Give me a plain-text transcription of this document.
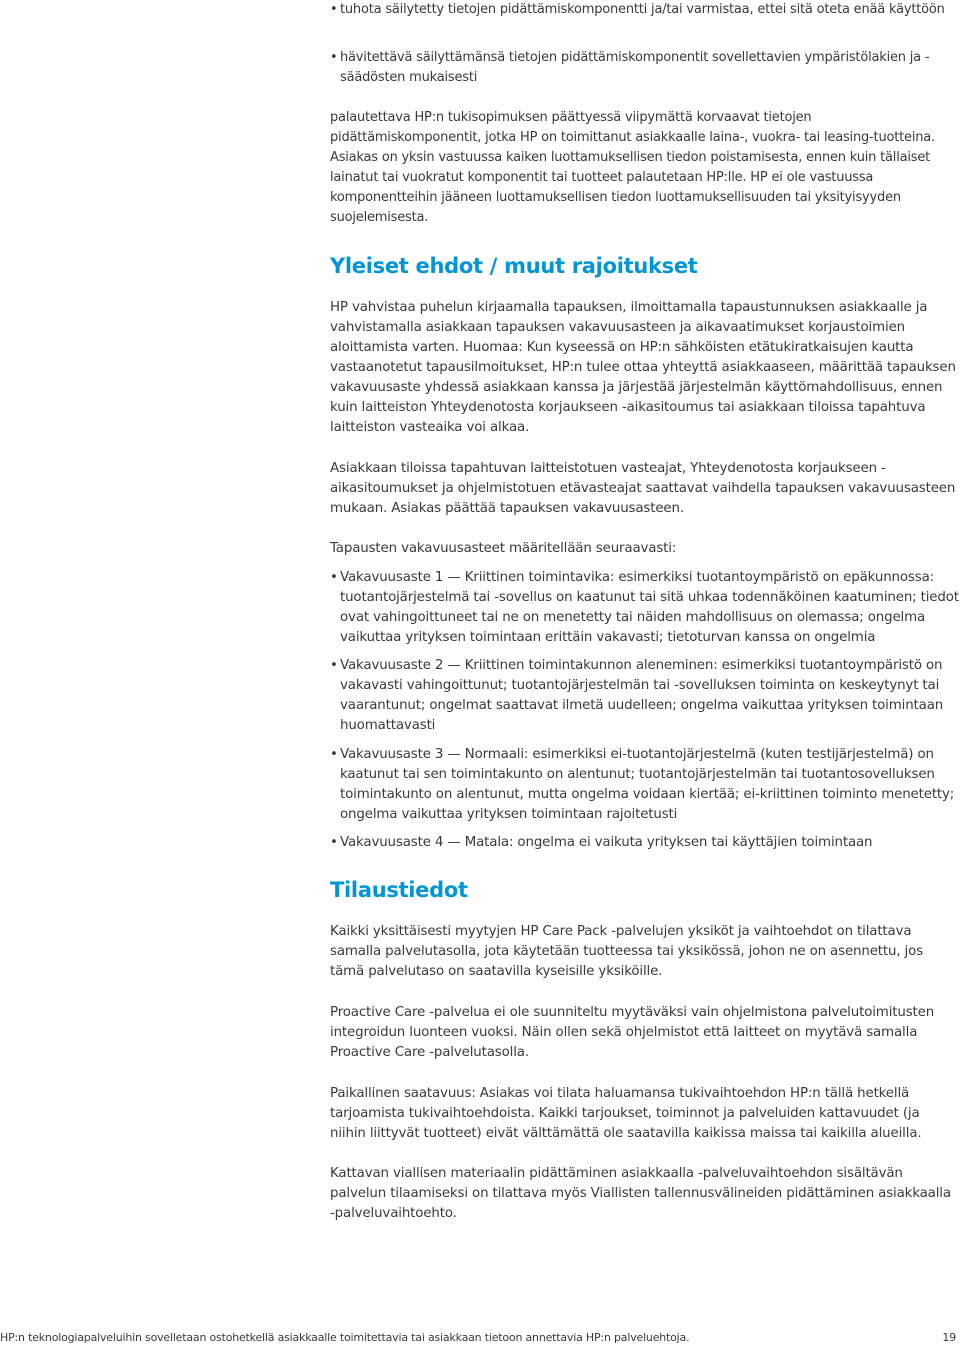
• tuhota säilytetty tietojen pidättämiskomponentti ja/tai varmistaa, ettei sitä oteta enää käyttöön
• hävitettävä säilyttämänsä tietojen pidättämiskomponentit sovellettavien ympäristölakien ja -säädösten mukaisesti

palautettava HP:n tukisopimuksen päättyessä viipymättä korvaavat tietojen pidättämiskomponentit, jotka HP on toimittanut asiakkaalle laina-, vuokra- tai leasing-tuotteina. Asiakas on yksin vastuussa kaiken luottamuksellisen tiedon poistamisesta, ennen kuin tällaiset lainatut tai vuokratut komponentit tai tuotteet palautetaan HP:lle. HP ei ole vastuussa komponentteihin jääneen luottamuksellisen tiedon luottamuksellisuuden tai yksityisyyden suojelemisesta.

Yleiset ehdot / muut rajoitukset

HP vahvistaa puhelun kirjaamalla tapauksen, ilmoittamalla tapaustunnuksen asiakkaalle ja vahvistamalla asiakkaan tapauksen vakavuusasteen ja aikavaatimukset korjaustoimien aloittamista varten. Huomaa: Kun kyseessä on HP:n sähköisten etätukiratkaisujen kautta vastaanotetut tapausilmoitukset, HP:n tulee ottaa yhteyttä asiakkaaseen, määrittää tapauksen vakavuusaste yhdessä asiakkaan kanssa ja järjestää järjestelmän käyttömahdollisuus, ennen kuin laitteiston Yhteydenotosta korjaukseen -aikasitoumus tai asiakkaan tiloissa tapahtuva laitteiston vasteaika voi alkaa.

Asiakkaan tiloissa tapahtuvan laitteistotuen vasteajat, Yhteydenotosta korjaukseen -aikasitoumukset ja ohjelmistotuen etävasteajat saattavat vaihdella tapauksen vakavuusasteen mukaan. Asiakas päättää tapauksen vakavuusasteen.

Tapausten vakavuusasteet määritellään seuraavasti:

• Vakavuusaste 1 — Kriittinen toimintavika: esimerkiksi tuotantoympäristö on epäkunnossa: tuotantojärjestelmä tai -sovellus on kaatunut tai sitä uhkaa todennäköinen kaatuminen; tiedot ovat vahingoittuneet tai ne on menetetty tai näiden mahdollisuus on olemassa; ongelma vaikuttaa yrityksen toimintaan erittäin vakavasti; tietoturvan kanssa on ongelmia
• Vakavuusaste 2 — Kriittinen toimintakunnon aleneminen: esimerkiksi tuotantoympäristö on vakavasti vahingoittunut; tuotantojärjestelmän tai -sovelluksen toiminta on keskeytynyt tai vaarantunut; ongelmat saattavat ilmetä uudelleen; ongelma vaikuttaa yrityksen toimintaan huomattavasti
• Vakavuusaste 3 — Normaali: esimerkiksi ei-tuotantojärjestelmä (kuten testijärjestelmä) on kaatunut tai sen toimintakunto on alentunut; tuotantojärjestelmän tai tuotantosovelluksen toimintakunto on alentunut, mutta ongelma voidaan kiertää; ei-kriittinen toiminto menetetty; ongelma vaikuttaa yrityksen toimintaan rajoitetusti
• Vakavuusaste 4 — Matala: ongelma ei vaikuta yrityksen tai käyttäjien toimintaan
Tilaustiedot

Kaikki yksittäisesti myytyjen HP Care Pack -palvelujen yksiköt ja vaihtoehdot on tilattava samalla palvelutasolla, jota käytetään tuotteessa tai yksikössä, johon ne on asennettu, jos tämä palvelutaso on saatavilla kyseisille yksiköille.

Proactive Care -palvelua ei ole suunniteltu myytäväksi vain ohjelmistona palvelutoimitusten integroidun luonteen vuoksi. Näin ollen sekä ohjelmistot että laitteet on myytävä samalla Proactive Care -palvelutasolla.

Paikallinen saatavuus: Asiakas voi tilata haluamansa tukivaihtoehdon HP:n tällä hetkellä tarjoamista tukivaihtoehdoista. Kaikki tarjoukset, toiminnot ja palveluiden kattavuudet (ja niihin liittyvät tuotteet) eivät välttämättä ole saatavilla kaikissa maissa tai kaikilla alueilla.

Kattavan viallisen materiaalin pidättäminen asiakkaalla -palveluvaihtoehdon sisältävän palvelun tilaamiseksi on tilattava myös Viallisten tallennusvälineiden pidättäminen asiakkaalla -palveluvaihtoehto.

HP:n teknologiapalveluihin sovelletaan ostohetkellä asiakkaalle toimitettavia tai asiakkaan tietoon annettavia HP:n palveluehtoja.	19
